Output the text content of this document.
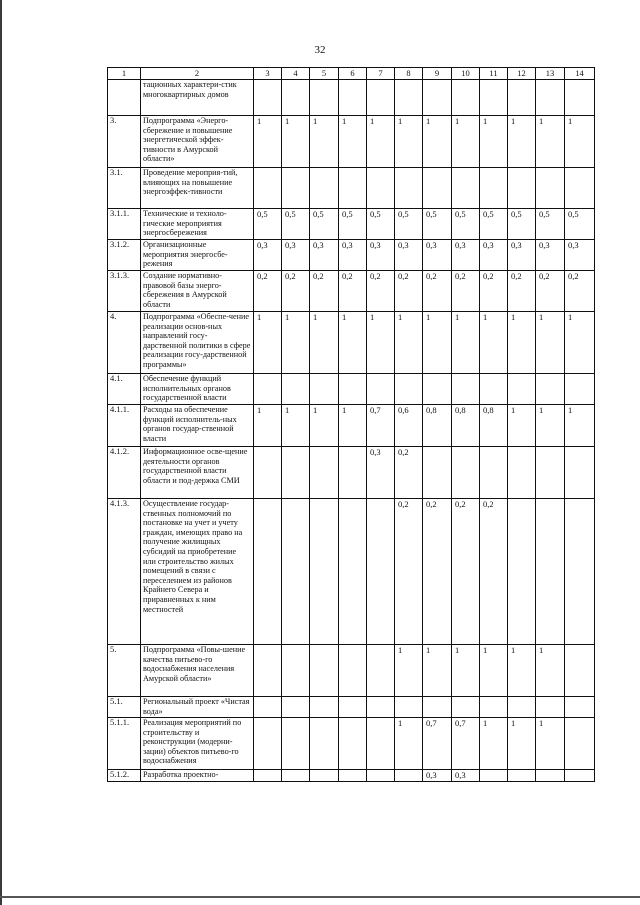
32
1	2	3	4	5	6	7	8	9	10	11	12	13	14
	тационных характери-стик многоквартирных домов												
3.	Подпрограмма «Энерго-сбережение и повышение энергетической эффек-тивности в Амурской области»	1	1	1	1	1	1	1	1	1	1	1	1
3.1.	Проведение мероприя-тий, влияющих на повышение энергоэффек-тивности												
3.1.1.	Технические и техноло-гические мероприятия энергосбережения	0,5	0,5	0,5	0,5	0,5	0,5	0,5	0,5	0,5	0,5	0,5	0,5
3.1.2.	Организационные мероприятия энергосбе-режения	0,3	0,3	0,3	0,3	0,3	0,3	0,3	0,3	0,3	0,3	0,3	0,3
3.1.3.	Создание нормативно-правовой базы энерго-сбережения в Амурской области	0,2	0,2	0,2	0,2	0,2	0,2	0,2	0,2	0,2	0,2	0,2	0,2
4.	Подпрограмма «Обеспе-чение реализации основ-ных направлений госу-дарственной политики в сфере реализации госу-дарственной программы»	1	1	1	1	1	1	1	1	1	1	1	1
4.1.	Обеспечение функций исполнительных органов государственной власти												
4.1.1.	Расходы на обеспечение функций исполнитель-ных органов государ-ственной власти	1	1	1	1	0,7	0,6	0,8	0,8	0,8	1	1	1
4.1.2.	Информационное осве-щение деятельности органов государственной власти области и под-держка СМИ					0,3	0,2						
4.1.3.	Осуществление государ-ственных полномочий по постановке на учет и учету граждан, имеющих право на получение жилищных субсидий на приобретение или строительство жилых помещений в связи с переселением из районов Крайнего Севера и приравненных к ним местностей						0,2	0,2	0,2	0,2			
5.	Подпрограмма «Повы-шение качества питьево-го водоснабжения населения Амурской области»						1	1	1	1	1	1	
5.1.	Региональный проект «Чистая вода»												
5.1.1.	Реализация мероприятий по строительству и реконструкции (модерни-зации) объектов питьево-го водоснабжения						1	0,7	0,7	1	1	1	
5.1.2.	Разработка проектно-							0,3	0,3				
